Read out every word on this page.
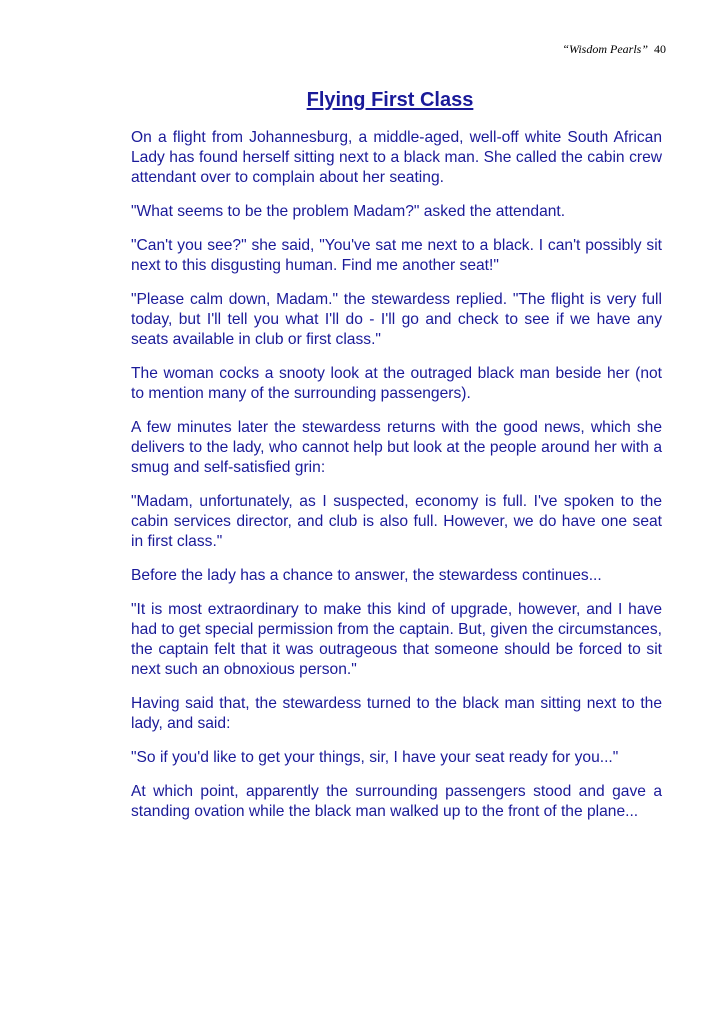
“Wisdom Pearls” 40
Flying First Class

On a flight from Johannesburg, a middle-aged, well-off white South African Lady has found herself sitting next to a black man. She called the cabin crew attendant over to complain about her seating.

"What seems to be the problem Madam?" asked the attendant.

"Can't you see?" she said, "You've sat me next to a black. I can't possibly sit next to this disgusting human. Find me another seat!"

"Please calm down, Madam." the stewardess replied. "The flight is very full today, but I'll tell you what I'll do - I'll go and check to see if we have any seats available in club or first class."

The woman cocks a snooty look at the outraged black man beside her (not to mention many of the surrounding passengers).

A few minutes later the stewardess returns with the good news, which she delivers to the lady, who cannot help but look at the people around her with a smug and self-satisfied grin:

"Madam, unfortunately, as I suspected, economy is full. I've spoken to the cabin services director, and club is also full. However, we do have one seat in first class."

Before the lady has a chance to answer, the stewardess continues...

"It is most extraordinary to make this kind of upgrade, however, and I have had to get special permission from the captain. But, given the circumstances, the captain felt that it was outrageous that someone should be forced to sit next such an obnoxious person."

Having said that, the stewardess turned to the black man sitting next to the lady, and said:

"So if you'd like to get your things, sir, I have your seat ready for you..."

At which point, apparently the surrounding passengers stood and gave a standing ovation while the black man walked up to the front of the plane...
